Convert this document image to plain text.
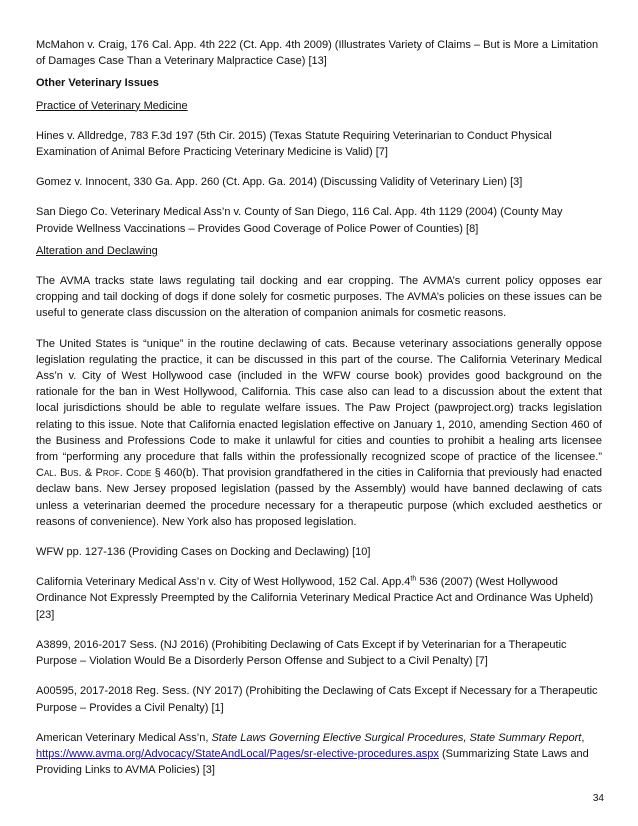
McMahon v. Craig, 176 Cal. App. 4th 222 (Ct. App. 4th 2009) (Illustrates Variety of Claims – But is More a Limitation of Damages Case Than a Veterinary Malpractice Case) [13]

Other Veterinary Issues

Practice of Veterinary Medicine

Hines v. Alldredge, 783 F.3d 197 (5th Cir. 2015) (Texas Statute Requiring Veterinarian to Conduct Physical Examination of Animal Before Practicing Veterinary Medicine is Valid) [7]

Gomez v. Innocent, 330 Ga. App. 260 (Ct. App. Ga. 2014) (Discussing Validity of Veterinary Lien) [3]

San Diego Co. Veterinary Medical Ass’n v. County of San Diego, 116 Cal. App. 4th 1129 (2004) (County May Provide Wellness Vaccinations – Provides Good Coverage of Police Power of Counties) [8]

Alteration and Declawing

The AVMA tracks state laws regulating tail docking and ear cropping. The AVMA’s current policy opposes ear cropping and tail docking of dogs if done solely for cosmetic purposes. The AVMA’s policies on these issues can be useful to generate class discussion on the alteration of companion animals for cosmetic reasons.

The United States is “unique” in the routine declawing of cats. Because veterinary associations generally oppose legislation regulating the practice, it can be discussed in this part of the course. The California Veterinary Medical Ass’n v. City of West Hollywood case (included in the WFW course book) provides good background on the rationale for the ban in West Hollywood, California. This case also can lead to a discussion about the extent that local jurisdictions should be able to regulate welfare issues. The Paw Project (pawproject.org) tracks legislation relating to this issue. Note that California enacted legislation effective on January 1, 2010, amending Section 460 of the Business and Professions Code to make it unlawful for cities and counties to prohibit a healing arts licensee from “performing any procedure that falls within the professionally recognized scope of practice of the licensee.” Cal. Bus. & Prof. Code § 460(b). That provision grandfathered in the cities in California that previously had enacted declaw bans. New Jersey proposed legislation (passed by the Assembly) would have banned declawing of cats unless a veterinarian deemed the procedure necessary for a therapeutic purpose (which excluded aesthetics or reasons of convenience). New York also has proposed legislation.

WFW pp. 127-136 (Providing Cases on Docking and Declawing) [10]

California Veterinary Medical Ass’n v. City of West Hollywood, 152 Cal. App.4th 536 (2007) (West Hollywood Ordinance Not Expressly Preempted by the California Veterinary Medical Practice Act and Ordinance Was Upheld) [23]

A3899, 2016-2017 Sess. (NJ 2016) (Prohibiting Declawing of Cats Except if by Veterinarian for a Therapeutic Purpose – Violation Would Be a Disorderly Person Offense and Subject to a Civil Penalty) [7]

A00595, 2017-2018 Reg. Sess. (NY 2017) (Prohibiting the Declawing of Cats Except if Necessary for a Therapeutic Purpose – Provides a Civil Penalty) [1]

American Veterinary Medical Ass’n, State Laws Governing Elective Surgical Procedures, State Summary Report, https://www.avma.org/Advocacy/StateAndLocal/Pages/sr-elective-procedures.aspx (Summarizing State Laws and Providing Links to AVMA Policies) [3]

34
